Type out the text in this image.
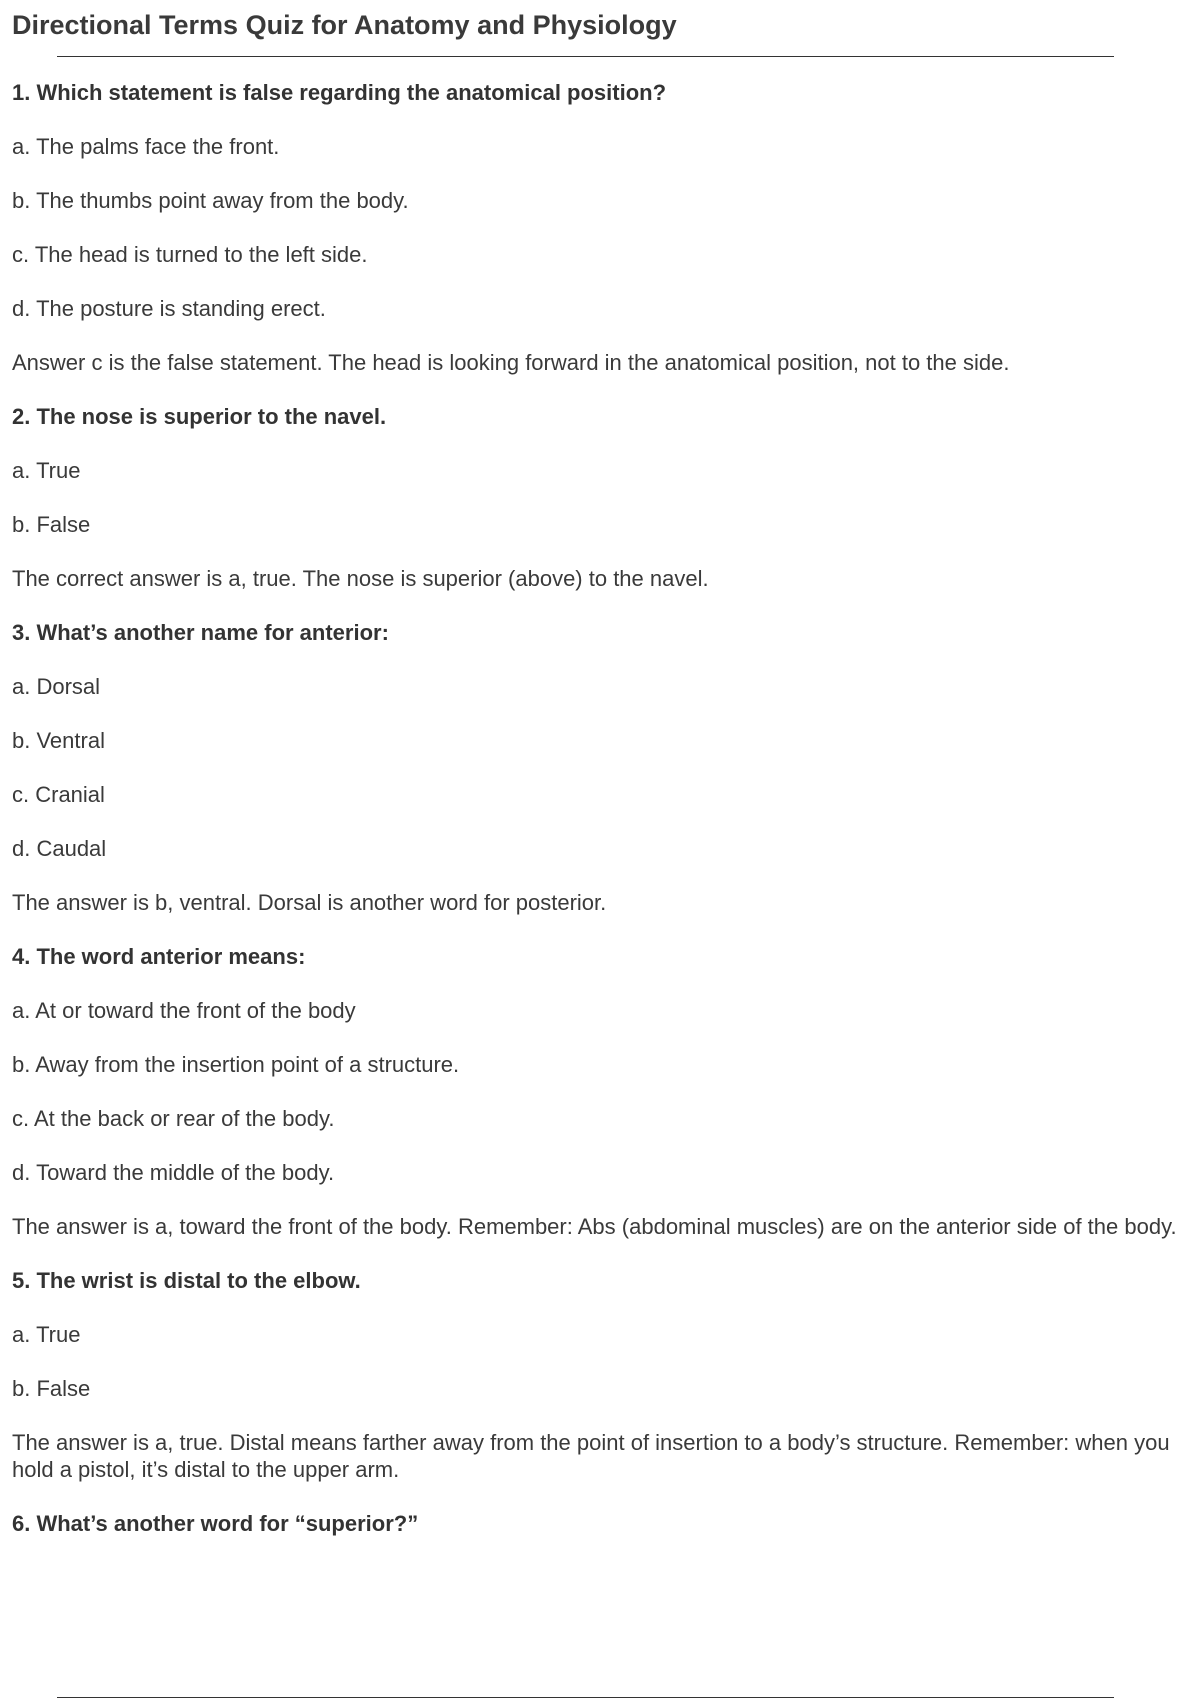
Directional Terms Quiz for Anatomy and Physiology

1. Which statement is false regarding the anatomical position?

a. The palms face the front.

b. The thumbs point away from the body.

c. The head is turned to the left side.

d. The posture is standing erect.

Answer c is the false statement. The head is looking forward in the anatomical position, not to the side.

2. The nose is superior to the navel.

a. True

b. False

The correct answer is a, true. The nose is superior (above) to the navel.

3. What’s another name for anterior:

a. Dorsal

b. Ventral

c. Cranial

d. Caudal

The answer is b, ventral. Dorsal is another word for posterior.

4. The word anterior means:

a. At or toward the front of the body

b. Away from the insertion point of a structure.

c. At the back or rear of the body.

d. Toward the middle of the body.

The answer is a, toward the front of the body. Remember: Abs (abdominal muscles) are on the anterior side of the body.

5. The wrist is distal to the elbow.

a. True

b. False

The answer is a, true. Distal means farther away from the point of insertion to a body’s structure. Remember: when you hold a pistol, it’s distal to the upper arm.

6. What’s another word for “superior?”
